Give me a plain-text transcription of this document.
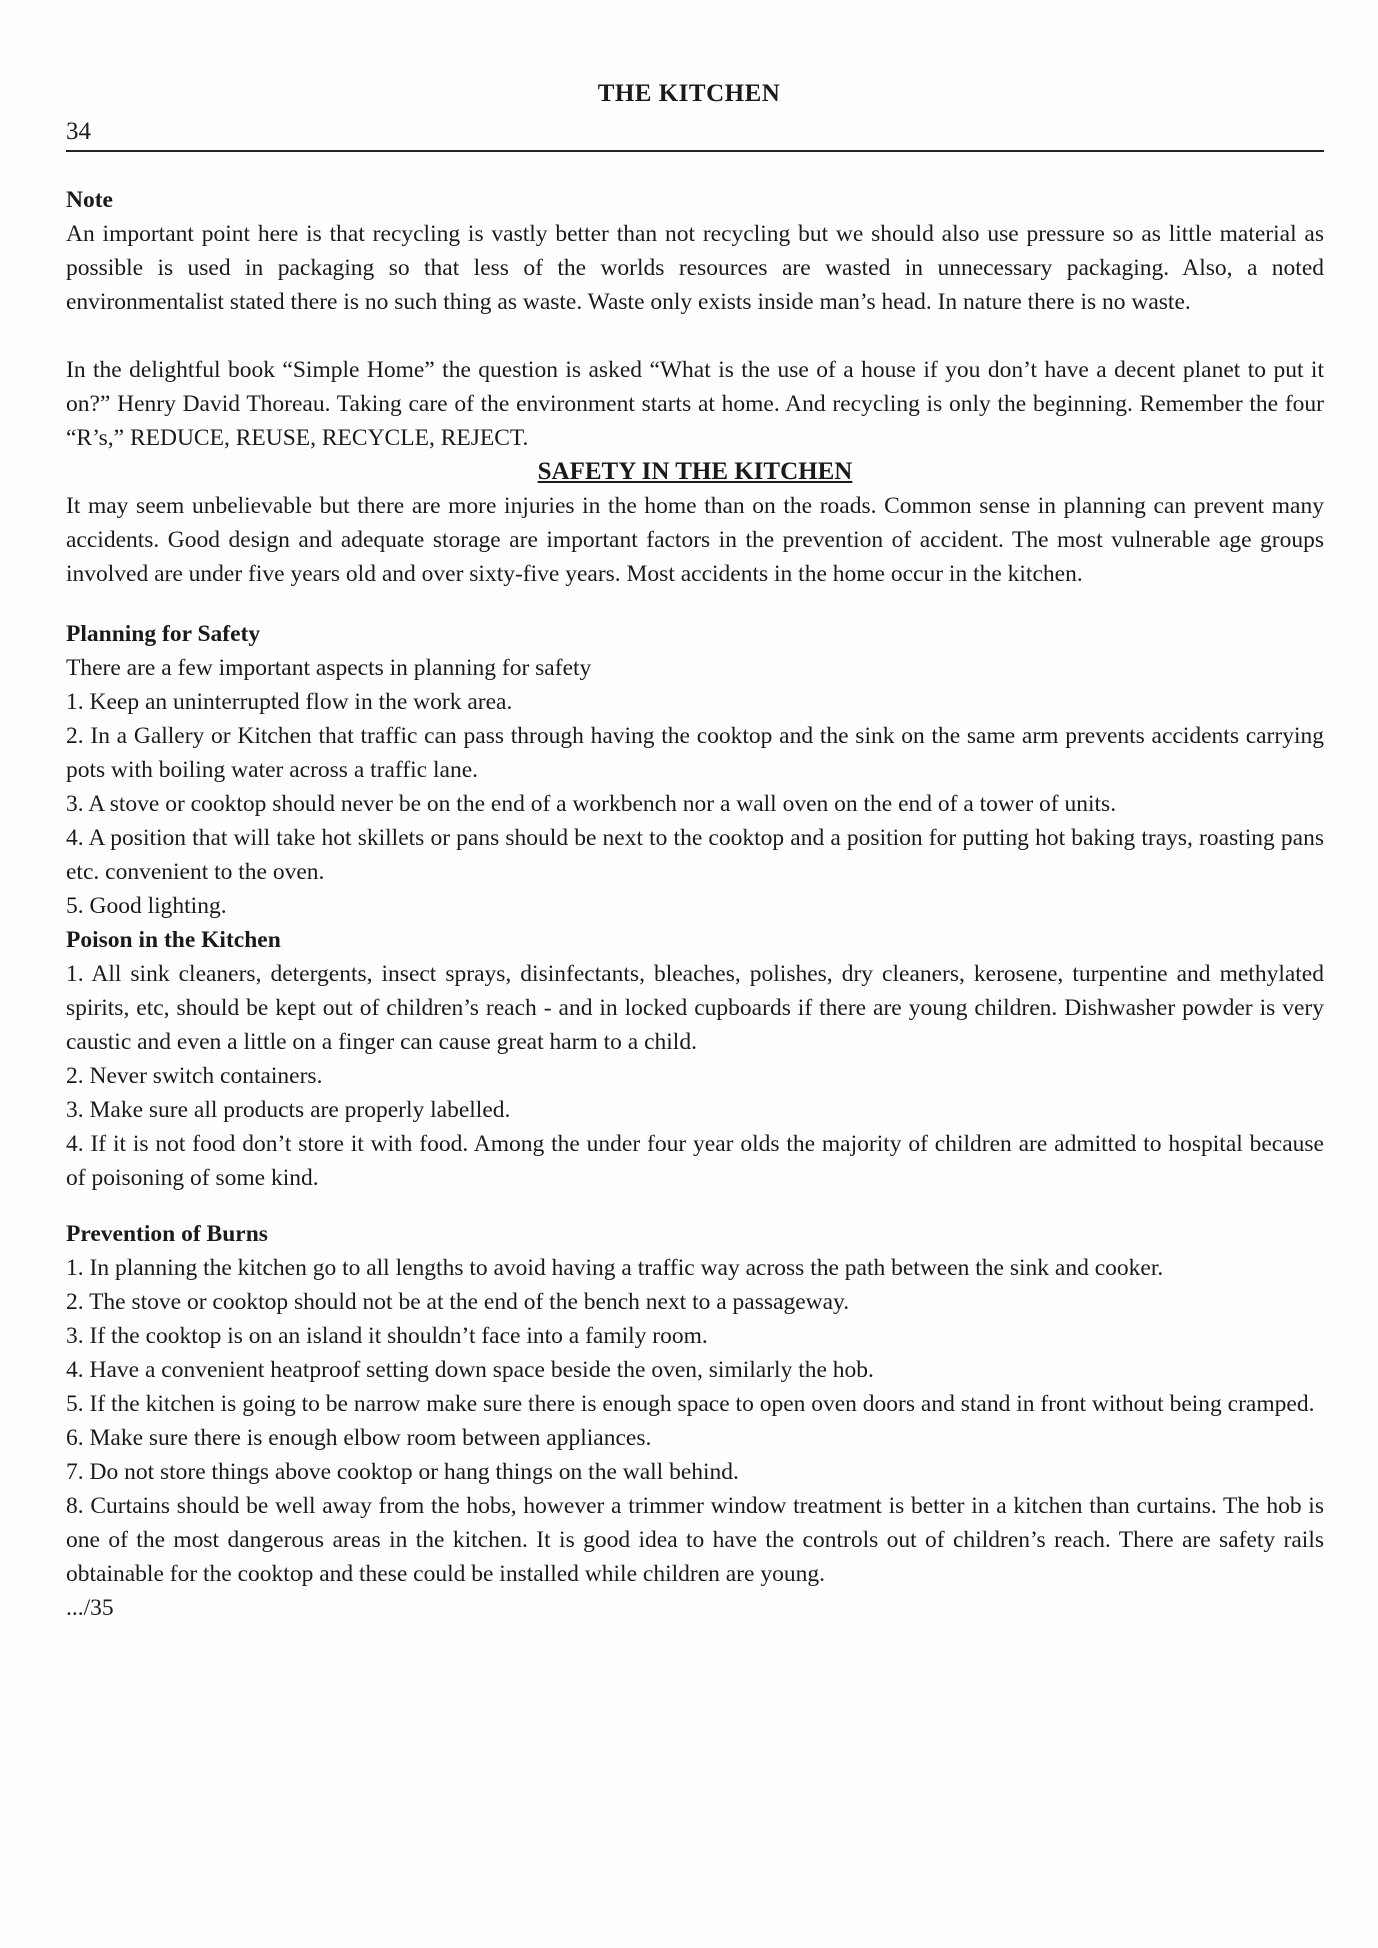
THE KITCHEN
34

Note

An important point here is that recycling is vastly better than not recycling but we should also use pressure so as little material as possible is used in packaging so that less of the worlds resources are wasted in unnecessary packaging. Also, a noted environmentalist stated there is no such thing as waste. Waste only exists inside man’s head. In nature there is no waste.

In the delightful book “Simple Home” the question is asked “What is the use of a house if you don’t have a decent planet to put it on?” Henry David Thoreau. Taking care of the environment starts at home. And recycling is only the beginning. Remember the four “R’s,” REDUCE, REUSE, RECYCLE, REJECT.

SAFETY IN THE KITCHEN

It may seem unbelievable but there are more injuries in the home than on the roads. Common sense in planning can prevent many accidents. Good design and adequate storage are important factors in the prevention of accident. The most vulnerable age groups involved are under five years old and over sixty-five years. Most accidents in the home occur in the kitchen.

Planning for Safety

There are a few important aspects in planning for safety

1. Keep an uninterrupted flow in the work area.

2. In a Gallery or Kitchen that traffic can pass through having the cooktop and the sink on the same arm prevents accidents carrying pots with boiling water across a traffic lane.

3. A stove or cooktop should never be on the end of a workbench nor a wall oven on the end of a tower of units.

4. A position that will take hot skillets or pans should be next to the cooktop and a position for putting hot baking trays, roasting pans etc. convenient to the oven.

5. Good lighting.

Poison in the Kitchen

1. All sink cleaners, detergents, insect sprays, disinfectants, bleaches, polishes, dry cleaners, kerosene, turpentine and methylated spirits, etc, should be kept out of children’s reach - and in locked cupboards if there are young children. Dishwasher powder is very caustic and even a little on a finger can cause great harm to a child.

2. Never switch containers.

3. Make sure all products are properly labelled.

4. If it is not food don’t store it with food. Among the under four year olds the majority of children are admitted to hospital because of poisoning of some kind.

Prevention of Burns

1. In planning the kitchen go to all lengths to avoid having a traffic way across the path between the sink and cooker.

2. The stove or cooktop should not be at the end of the bench next to a passageway.

3. If the cooktop is on an island it shouldn’t face into a family room.

4. Have a convenient heatproof setting down space beside the oven, similarly the hob.

5. If the kitchen is going to be narrow make sure there is enough space to open oven doors and stand in front without being cramped.

6. Make sure there is enough elbow room between appliances.

7. Do not store things above cooktop or hang things on the wall behind.

8. Curtains should be well away from the hobs, however a trimmer window treatment is better in a kitchen than curtains. The hob is one of the most dangerous areas in the kitchen. It is good idea to have the controls out of children’s reach. There are safety rails obtainable for the cooktop and these could be installed while children are young.

.../35
